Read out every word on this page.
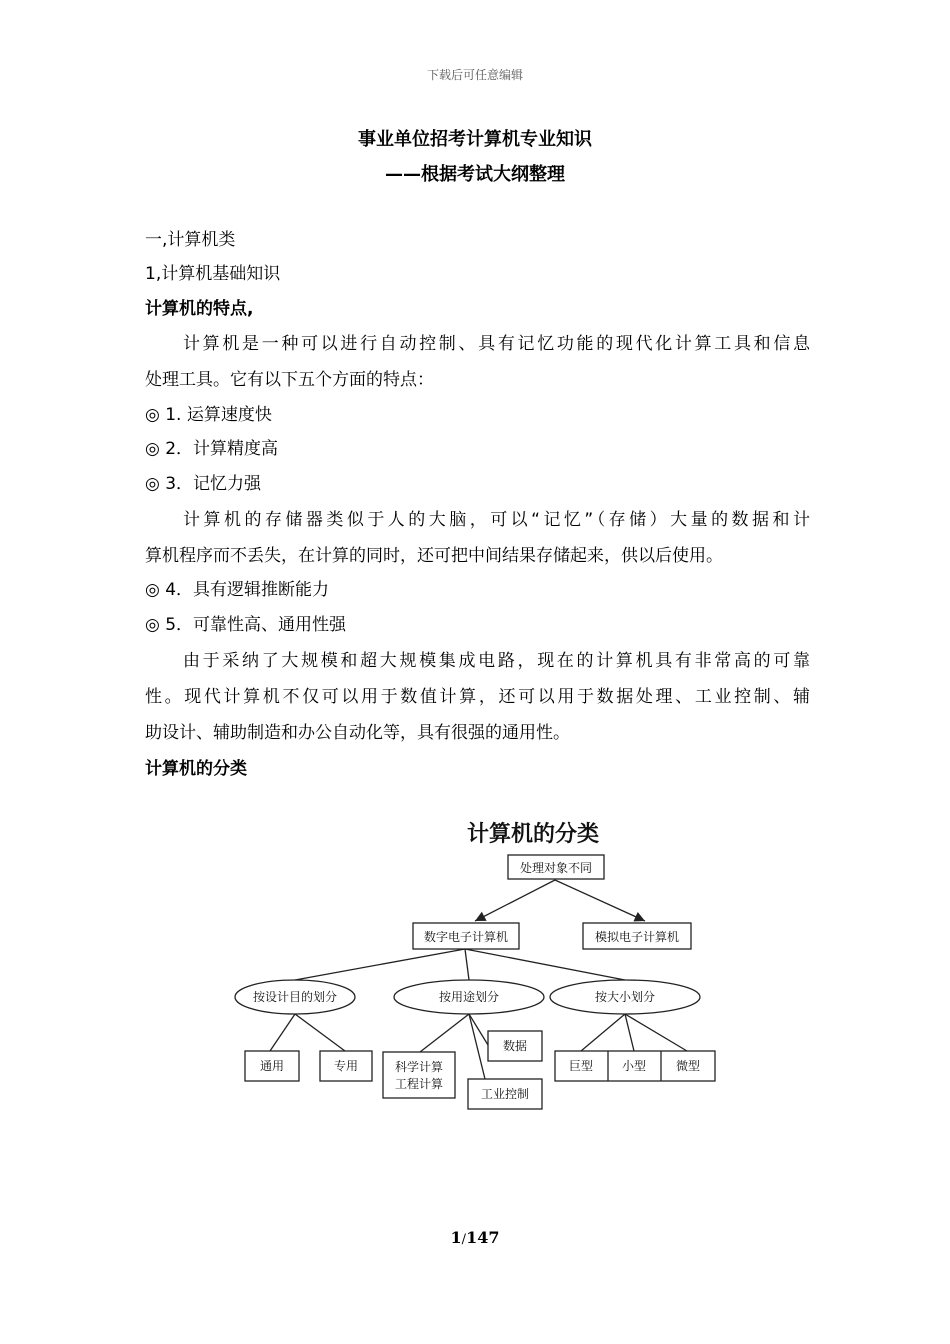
下载后可任意编辑
事业单位招考计算机专业知识
——根据考试大纲整理
一,计算机类
1,计算机基础知识
计算机的特点,
计算机是一种可以进行自动控制、具有记忆功能的现代化计算工具和信息
处理工具。它有以下五个方面的特点：
◎ 1. 运算速度快
◎ 2．计算精度高
◎ 3．记忆力强
计算机的存储器类似于人的大脑，可以“记忆”（存储）大量的数据和计
算机程序而不丢失，在计算的同时，还可把中间结果存储起来，供以后使用。
◎ 4．具有逻辑推断能力
◎ 5．可靠性高、通用性强
由于采纳了大规模和超大规模集成电路，现在的计算机具有非常高的可靠
性。现代计算机不仅可以用于数值计算，还可以用于数据处理、工业控制、辅
助设计、辅助制造和办公自动化等，具有很强的通用性。
计算机的分类
计算机的分类
处理对象不同
数字电子计算机	模拟电子计算机
按设计目的划分	按用途划分	按大小划分
通用	专用	科学计算
工程计算
数据
工业控制
巨型 小型 微型
1/147
